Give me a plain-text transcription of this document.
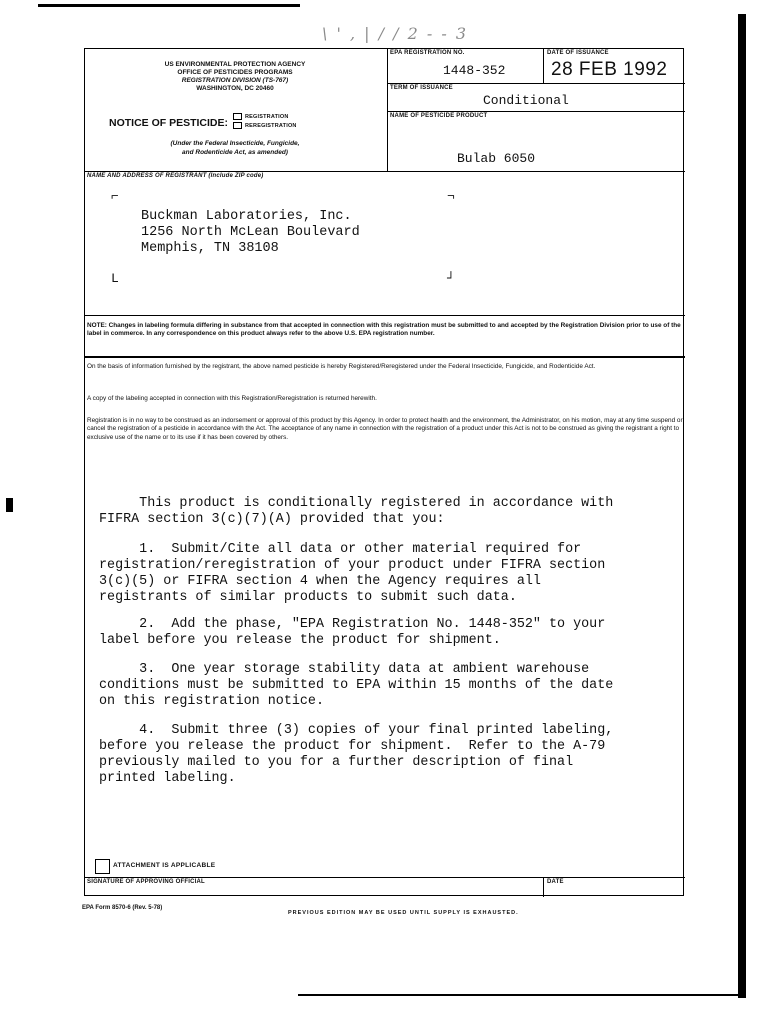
\ ' , | / / 2 - - 3
US ENVIRONMENTAL PROTECTION AGENCY
OFFICE OF PESTICIDES PROGRAMS
REGISTRATION DIVISION (TS-767)
WASHINGTON, DC 20460
NOTICE OF PESTICIDE:	REGISTRATION
REREGISTRATION
(Under the Federal Insecticide, Fungicide,
and Rodenticide Act, as amended)
EPA REGISTRATION NO.
1448-352
DATE OF ISSUANCE
28 FEB 1992
TERM OF ISSUANCE
Conditional
NAME OF PESTICIDE PRODUCT
Bulab 6050
NAME AND ADDRESS OF REGISTRANT (Include ZIP code)
⌐	¬
L	┘
Buckman Laboratories, Inc.
1256 North McLean Boulevard
Memphis, TN 38108
NOTE: Changes in labeling formula differing in substance from that accepted in connection with this registration must be submitted to and accepted by the Registration Division prior to use of the label in commerce. In any correspondence on this product always refer to the above U.S. EPA registration number.
On the basis of information furnished by the registrant, the above named pesticide is hereby Registered/Reregistered under the Federal Insecticide, Fungicide, and Rodenticide Act.
A copy of the labeling accepted in connection with this Registration/Reregistration is returned herewith.
Registration is in no way to be construed as an indorsement or approval of this product by this Agency. In order to protect health and the environment, the Administrator, on his motion, may at any time suspend or cancel the registration of a pesticide in accordance with the Act. The acceptance of any name in connection with the registration of a product under this Act is not to be construed as giving the registrant a right to exclusive use of the name or to its use if it has been covered by others.
This product is conditionally registered in accordance with
FIFRA section 3(c)(7)(A) provided that you:
1.  Submit/Cite all data or other material required for
registration/reregistration of your product under FIFRA section
3(c)(5) or FIFRA section 4 when the Agency requires all
registrants of similar products to submit such data.
2.  Add the phase, "EPA Registration No. 1448-352" to your
label before you release the product for shipment.
3.  One year storage stability data at ambient warehouse
conditions must be submitted to EPA within 15 months of the date
on this registration notice.
4.  Submit three (3) copies of your final printed labeling,
before you release the product for shipment.  Refer to the A-79
previously mailed to you for a further description of final
printed labeling.
ATTACHMENT IS APPLICABLE
SIGNATURE OF APPROVING OFFICIAL	DATE
EPA Form 8570-6 (Rev. 5-78)
PREVIOUS EDITION MAY BE USED UNTIL SUPPLY IS EXHAUSTED.
